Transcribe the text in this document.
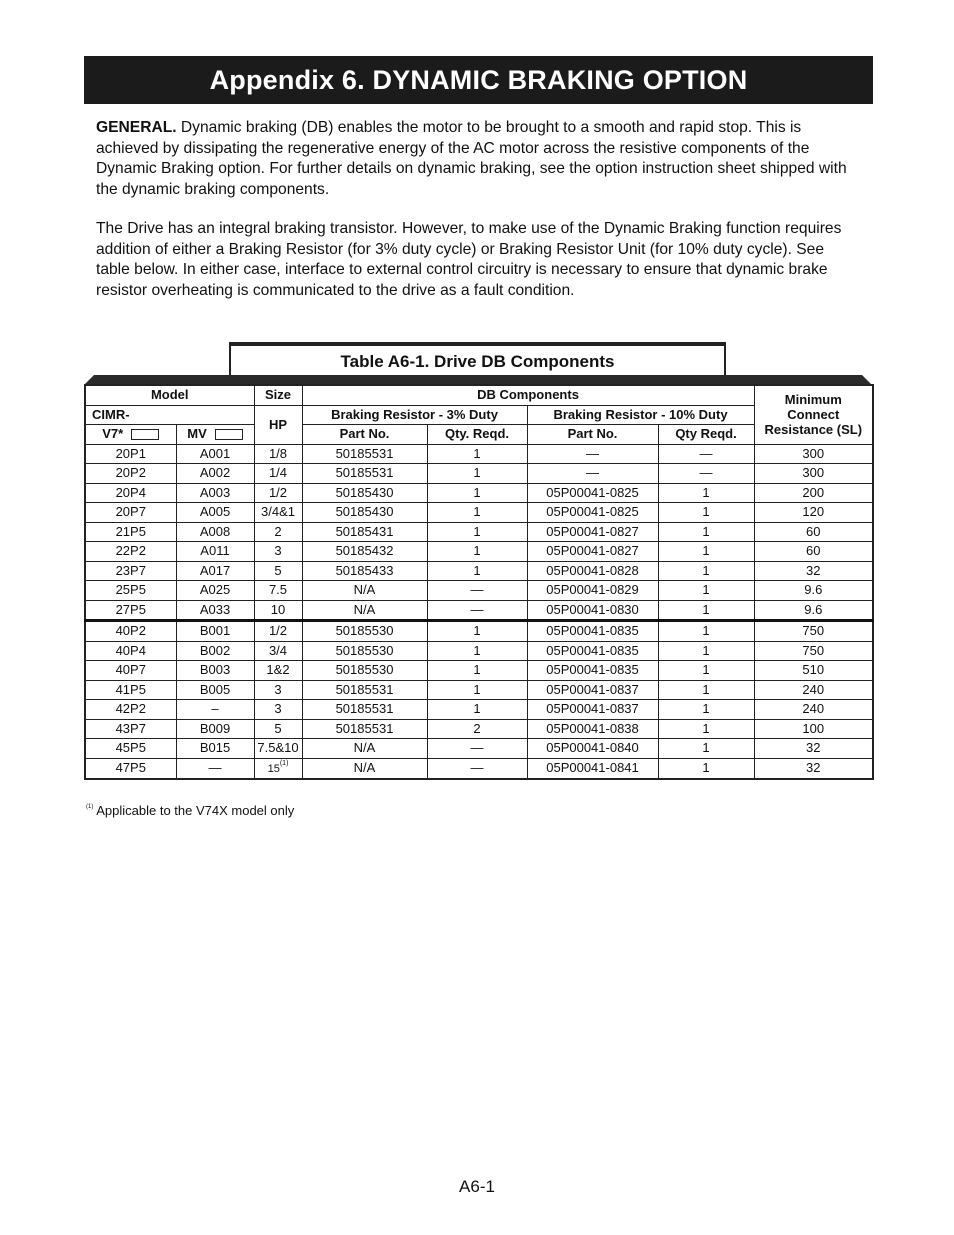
Appendix 6. DYNAMIC BRAKING OPTION

GENERAL. Dynamic braking (DB) enables the motor to be brought to a smooth and rapid stop. This is achieved by dissipating the regenerative energy of the AC motor across the resistive components of the Dynamic Braking option. For further details on dynamic braking, see the option instruction sheet shipped with the dynamic braking components.

The Drive has an integral braking transistor. However, to make use of the Dynamic Braking function requires addition of either a Braking Resistor (for 3% duty cycle) or Braking Resistor Unit (for 10% duty cycle). See table below. In either case, interface to external control circuitry is necessary to ensure that dynamic brake resistor overheating is communicated to the drive as a fault condition.

Table A6-1. Drive DB Components
Model		Size	DB Components				Minimum Connect Resistance (SL)
CIMR-		HP	Braking Resistor - 3% Duty		Braking Resistor - 10% Duty		
V7*	MV		Part No.	Qty. Reqd.	Part No.	Qty Reqd.	
20P1	A001	1/8	50185531	1	—	—	300
20P2	A002	1/4	50185531	1	—	—	300
20P4	A003	1/2	50185430	1	05P00041-0825	1	200
20P7	A005	3/4&1	50185430	1	05P00041-0825	1	120
21P5	A008	2	50185431	1	05P00041-0827	1	60
22P2	A011	3	50185432	1	05P00041-0827	1	60
23P7	A017	5	50185433	1	05P00041-0828	1	32
25P5	A025	7.5	N/A	—	05P00041-0829	1	9.6
27P5	A033	10	N/A	—	05P00041-0830	1	9.6
40P2	B001	1/2	50185530	1	05P00041-0835	1	750
40P4	B002	3/4	50185530	1	05P00041-0835	1	750
40P7	B003	1&2	50185530	1	05P00041-0835	1	510
41P5	B005	3	50185531	1	05P00041-0837	1	240
42P2	–	3	50185531	1	05P00041-0837	1	240
43P7	B009	5	50185531	2	05P00041-0838	1	100
45P5	B015	7.5&10	N/A	—	05P00041-0840	1	32
47P5	—	15$^{(1)}$	N/A	—	05P00041-0841	1	32
$^{(1)}$ Applicable to the V74X model only
A6-1
